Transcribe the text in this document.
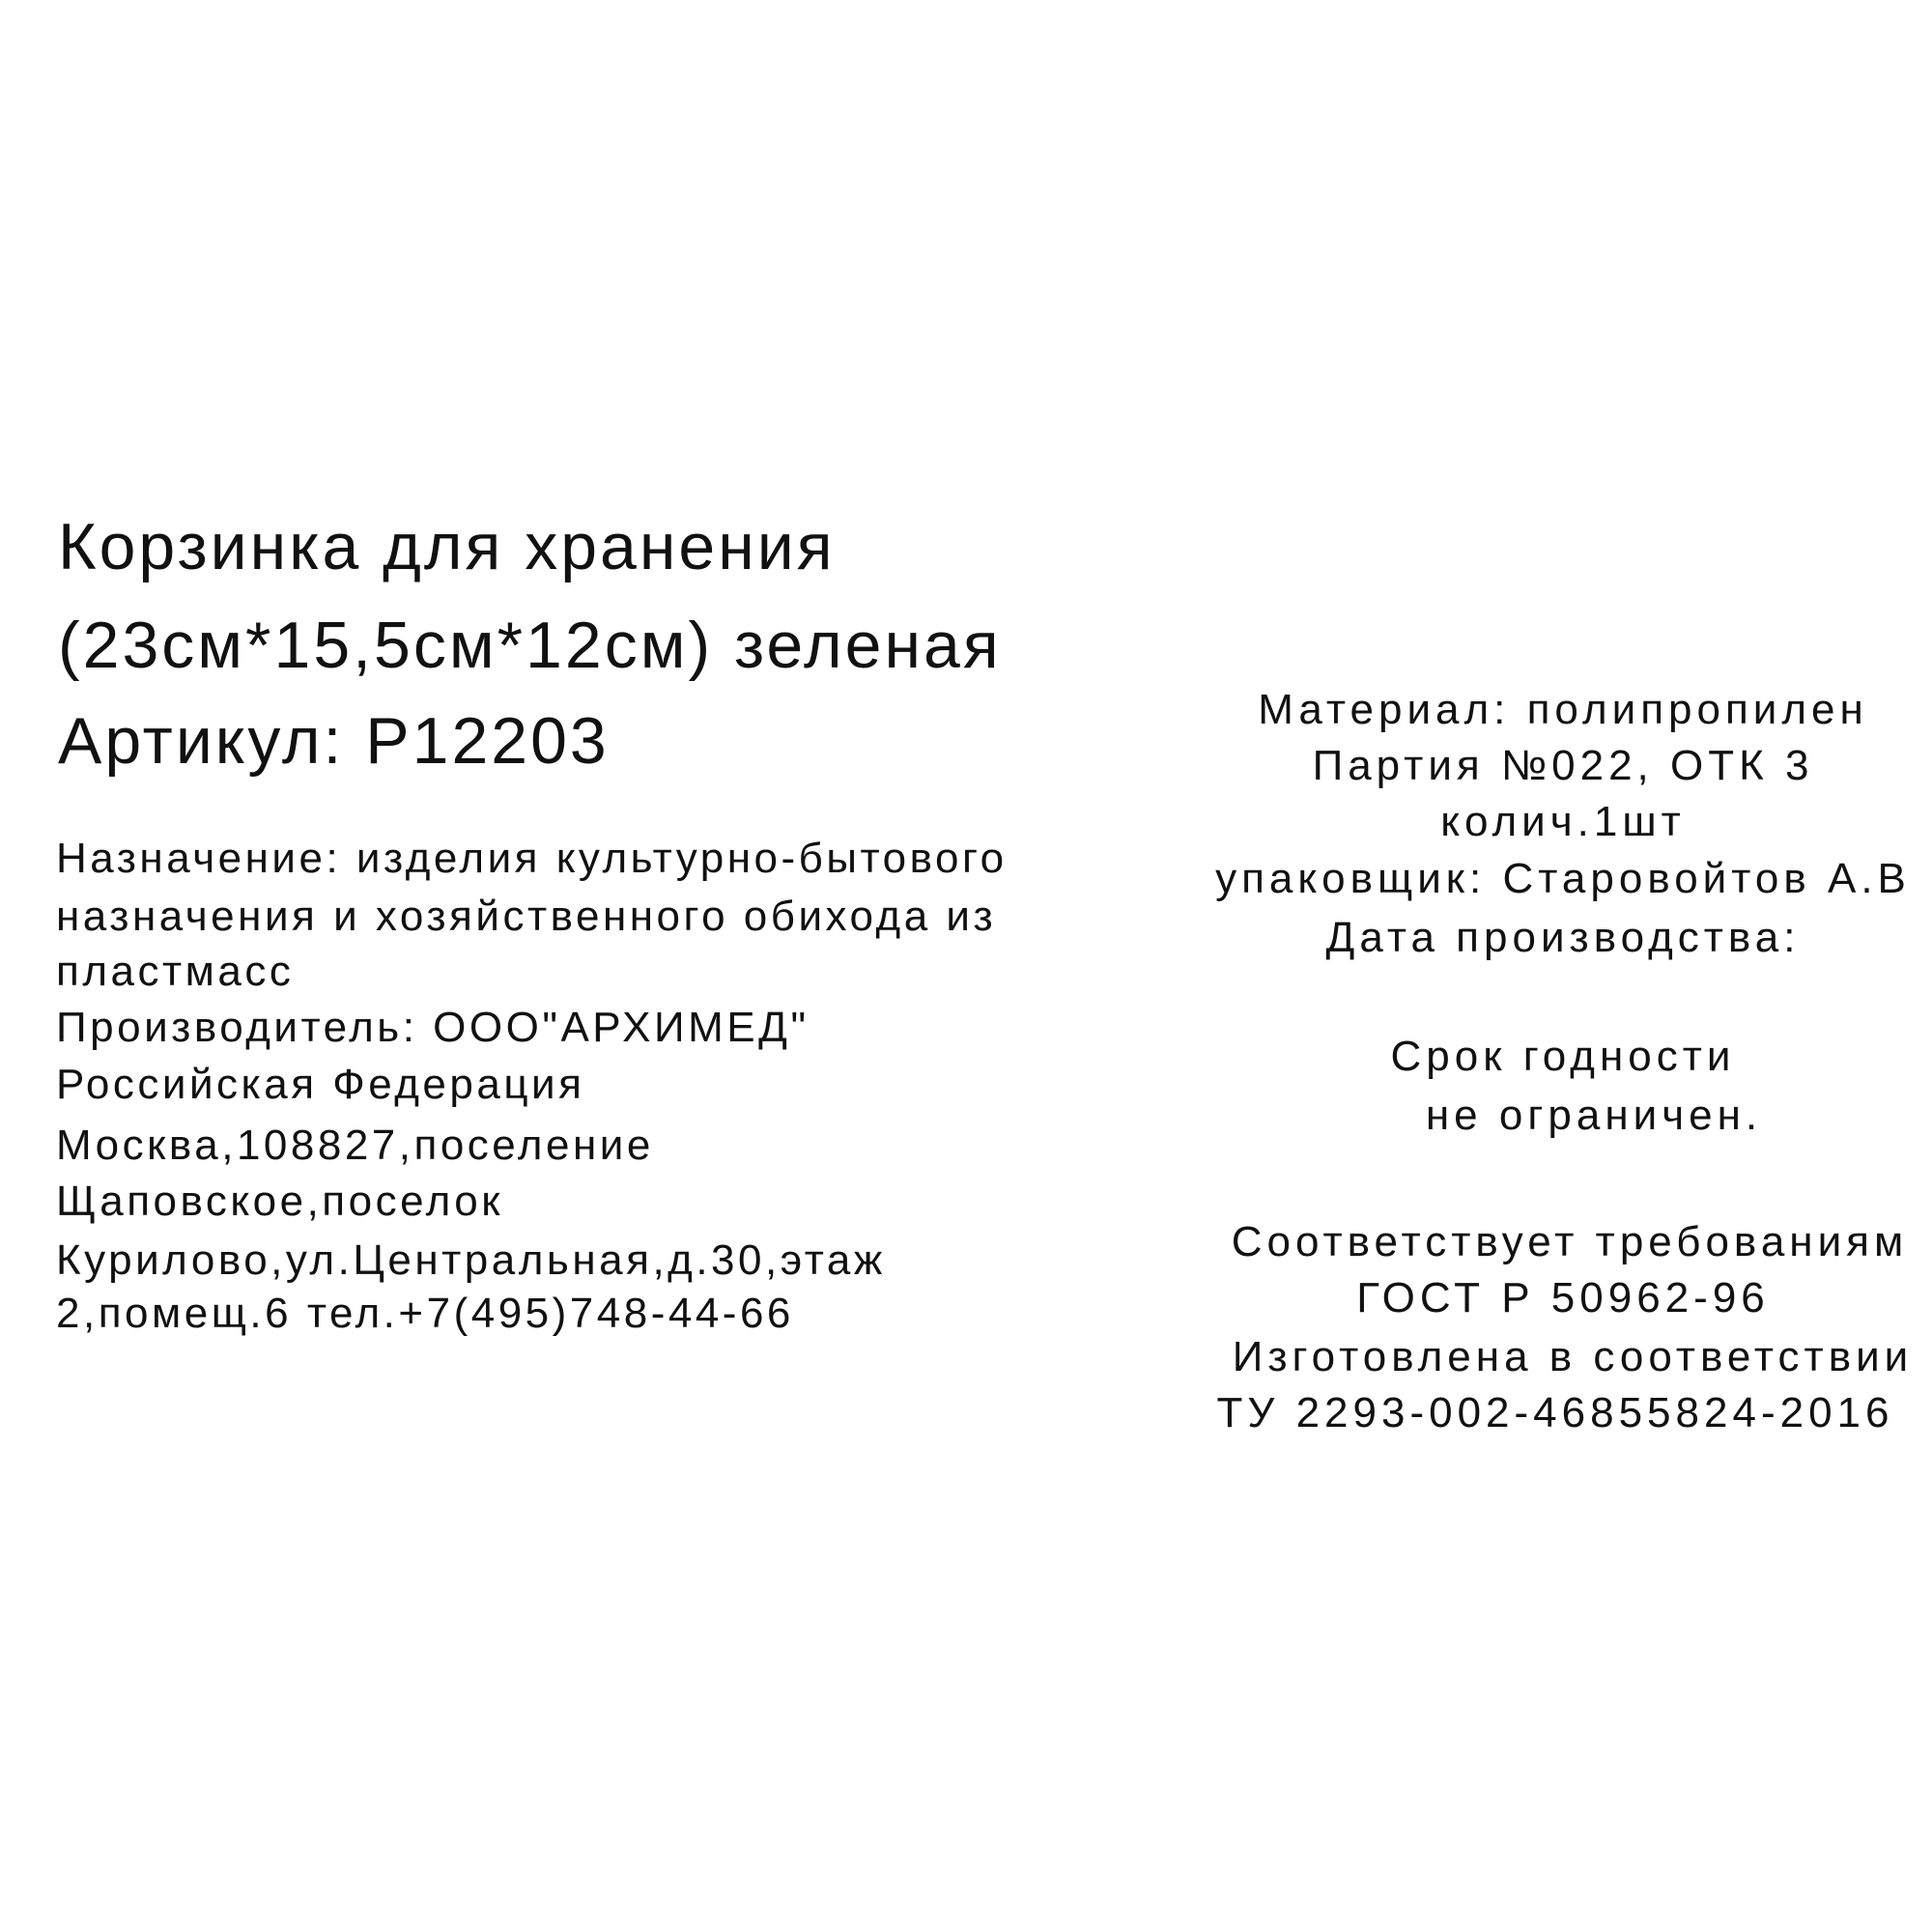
Корзинка для хранения
(23см*15,5см*12см) зеленая
Артикул: P12203
Назначение: изделия культурно-бытового
назначения и хозяйственного обихода из
пластмасс
Производитель: ООО"АРХИМЕД"
Российская Федерация
Москва,108827,поселение
Щаповское,поселок
Курилово,ул.Центральная,д.30,этаж
2,помещ.6 тел.+7(495)748-44-66
Материал: полипропилен
Партия №022, ОТК 3
колич.1шт
упаковщик: Старовойтов А.В
Дата производства:
Срок годности
не ограничен.
Соответствует требованиям
ГОСТ Р 50962-96
Изготовлена в соответствии
ТУ 2293-002-46855824-2016
